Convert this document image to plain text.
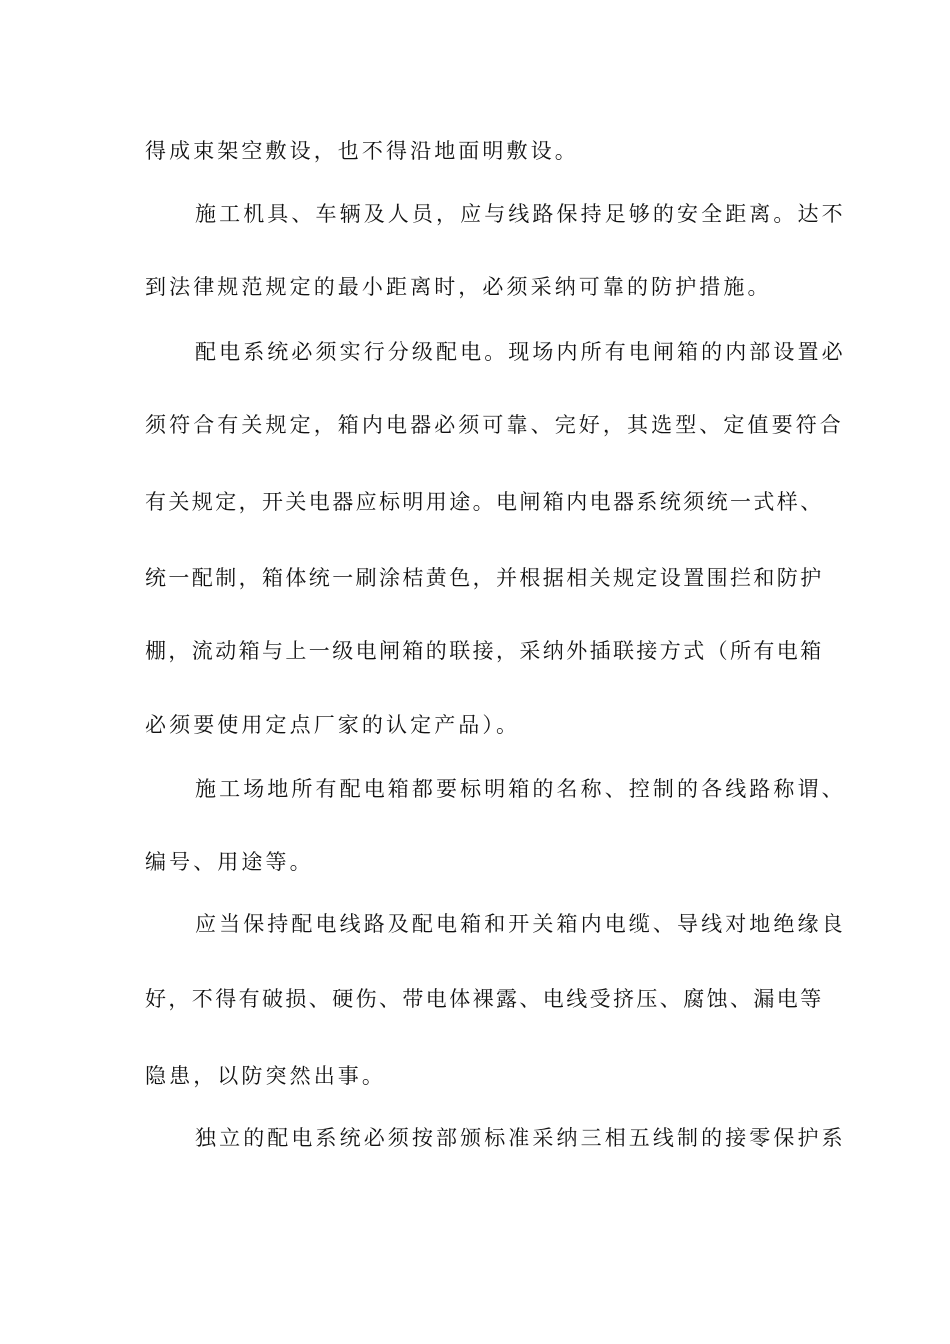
得成束架空敷设，也不得沿地面明敷设。
施工机具、车辆及人员，应与线路保持足够的安全距离。达不
到法律规范规定的最小距离时，必须采纳可靠的防护措施。
配电系统必须实行分级配电。现场内所有电闸箱的内部设置必
须符合有关规定，箱内电器必须可靠、完好，其选型、定值要符合
有关规定，开关电器应标明用途。电闸箱内电器系统须统一式样、
统一配制，箱体统一刷涂桔黄色，并根据相关规定设置围拦和防护
棚，流动箱与上一级电闸箱的联接，采纳外插联接方式（所有电箱
必须要使用定点厂家的认定产品）。
施工场地所有配电箱都要标明箱的名称、控制的各线路称谓、
编号、用途等。
应当保持配电线路及配电箱和开关箱内电缆、导线对地绝缘良
好，不得有破损、硬伤、带电体裸露、电线受挤压、腐蚀、漏电等
隐患，以防突然出事。
独立的配电系统必须按部颁标准采纳三相五线制的接零保护系
